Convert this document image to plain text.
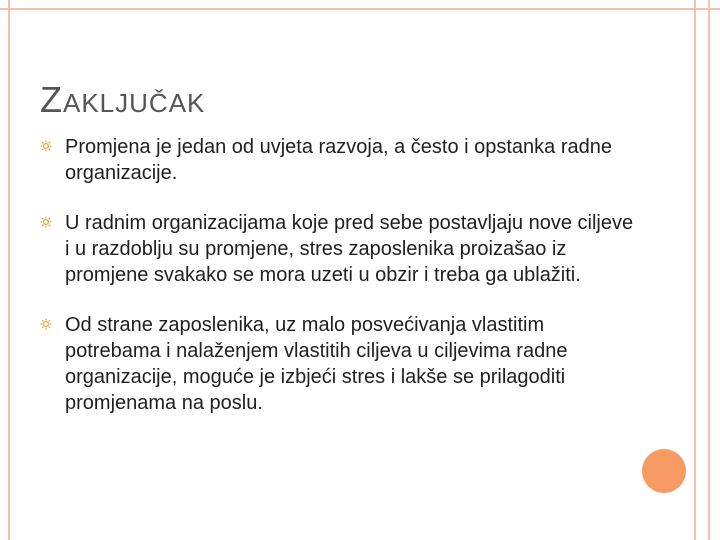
ZAKLJUČAK
Promjena je jedan od uvjeta razvoja, a često i opstanka radne organizacije.
U radnim organizacijama koje pred sebe postavljaju nove ciljeve i u razdoblju su promjene, stres zaposlenika proizašao iz promjene svakako se mora uzeti u obzir i treba ga ublažiti.
Od strane zaposlenika, uz malo posvećivanja vlastitim potrebama i nalaženjem vlastitih ciljeva u ciljevima radne organizacije, moguće je izbjeći stres i lakše se prilagoditi promjenama na poslu.
